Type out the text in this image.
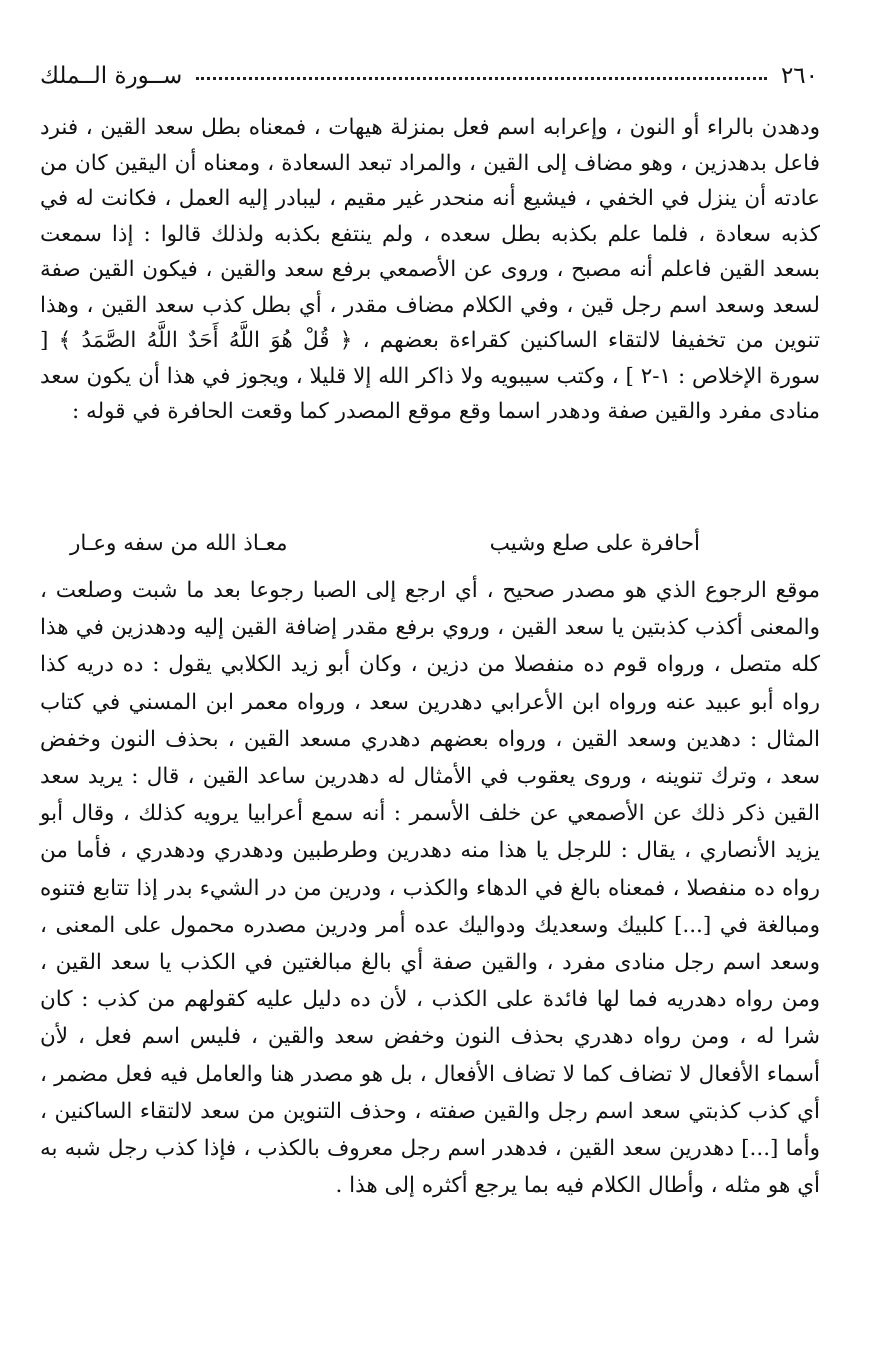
٢٦٠
ســورة الــملك

ودهدن بالراء أو النون ، وإعرابه اسم فعل بمنزلة هيهات ، فمعناه بطل سعد القين ، فنرد فاعل بدهدزين ، وهو مضاف إلى القين ، والمراد تبعد السعادة ، ومعناه أن اليقين كان من عادته أن ينزل في الخفي ، فيشيع أنه منحدر غير مقيم ، ليبادر إليه العمل ، فكانت له في كذبه سعادة ، فلما علم بكذبه بطل سعده ، ولم ينتفع بكذبه ولذلك قالوا : إذا سمعت بسعد القين فاعلم أنه مصبح ، وروى عن الأصمعي برفع سعد والقين ، فيكون القين صفة لسعد وسعد اسم رجل قين ، وفي الكلام مضاف مقدر ، أي بطل كذب سعد القين ، وهذا تنوين من تخفيفا لالتقاء الساكنين كقراءة بعضهم ، ﴿ قُلْ هُوَ اللَّهُ أَحَدٌ اللَّهُ الصَّمَدُ ﴾ [ سورة الإخلاص : ١-٢ ] ، وكتب سيبويه ولا ذاكر الله إلا قليلا ، ويجوز في هذا أن يكون سعد منادى مفرد والقين صفة ودهدر اسما وقع موقع المصدر كما وقعت الحافرة في قوله :

أحافرة على صلع وشيب
معـاذ الله من سفه وعـار

موقع الرجوع الذي هو مصدر صحيح ، أي ارجع إلى الصبا رجوعا بعد ما شبت وصلعت ، والمعنى أكذب كذبتين يا سعد القين ، وروي برفع مقدر إضافة القين إليه ودهدزين في هذا كله متصل ، ورواه قوم ده منفصلا من دزين ، وكان أبو زيد الكلابي يقول : ده دريه كذا رواه أبو عبيد عنه ورواه ابن الأعرابي دهدرين سعد ، ورواه معمر ابن المسني في كتاب المثال : دهدين وسعد القين ، ورواه بعضهم دهدري مسعد القين ، بحذف النون وخفض سعد ، وترك تنوينه ، وروى يعقوب في الأمثال له دهدرين ساعد القين ، قال : يريد سعد القين ذكر ذلك عن الأصمعي عن خلف الأسمر : أنه سمع أعرابيا يرويه كذلك ، وقال أبو يزيد الأنصاري ، يقال : للرجل يا هذا منه دهدرين وطرطبين ودهدري ودهدري ، فأما من رواه ده منفصلا ، فمعناه بالغ في الدهاء والكذب ، ودرين من در الشيء بدر إذا تتابع فتنوه ومبالغة في [...] كلبيك وسعديك ودواليك عده أمر ودرين مصدره محمول على المعنى ، وسعد اسم رجل منادى مفرد ، والقين صفة أي بالغ مبالغتين في الكذب يا سعد القين ، ومن رواه دهدريه فما لها فائدة على الكذب ، لأن ده دليل عليه كقولهم من كذب : كان شرا له ، ومن رواه دهدري بحذف النون وخفض سعد والقين ، فليس اسم فعل ، لأن أسماء الأفعال لا تضاف كما لا تضاف الأفعال ، بل هو مصدر هنا والعامل فيه فعل مضمر ، أي كذب كذبتي سعد اسم رجل والقين صفته ، وحذف التنوين من سعد لالتقاء الساكنين ، وأما [...] دهدرين سعد القين ، فدهدر اسم رجل معروف بالكذب ، فإذا كذب رجل شبه به أي هو مثله ، وأطال الكلام فيه بما يرجع أكثره إلى هذا .
